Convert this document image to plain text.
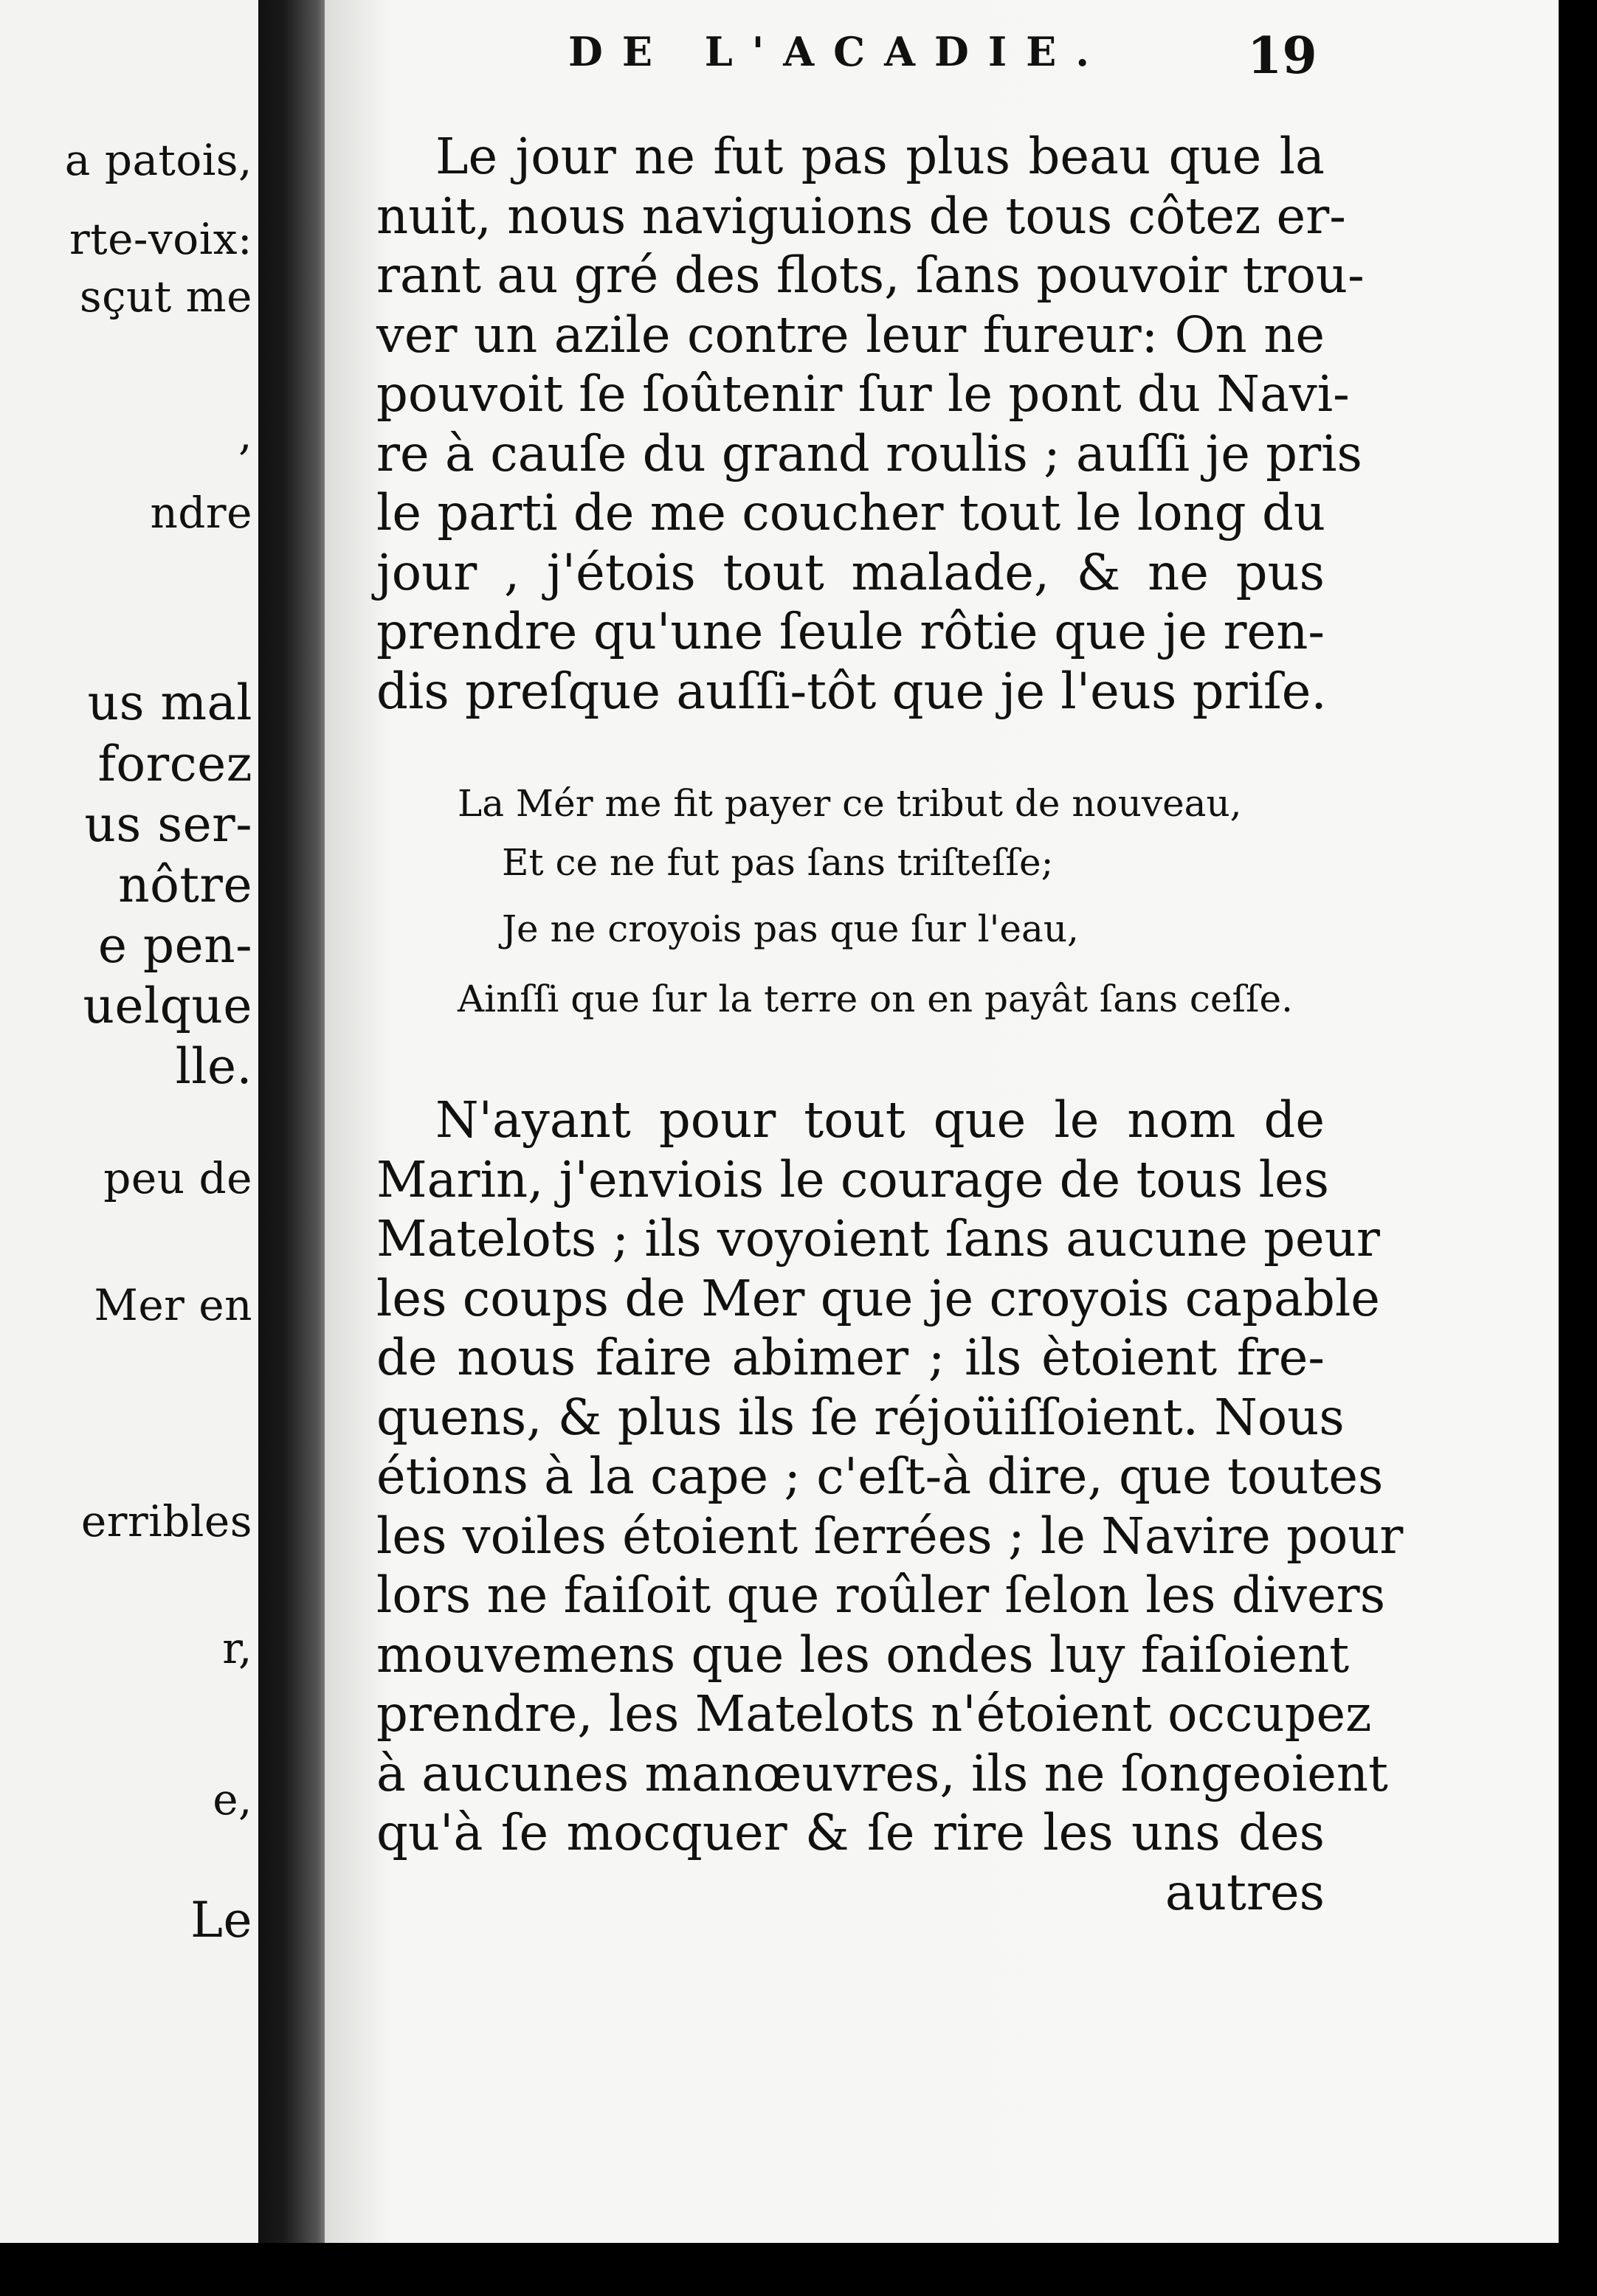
a patois,
rte-voix:
sçut me
,
ndre
us mal
forcez
us ser-
nôtre
e pen-
uelque
lle.
peu de
Mer en
erribles
r,
e,
Le
DE L'ACADIE.	19
Le jour ne fut pas plus beau que la
nuit, nous naviguions de tous côtez er-
rant au gré des flots, ſans pouvoir trou-
ver un azile contre leur fureur: On ne
pouvoit ſe ſoûtenir ſur le pont du Navi-
re à cauſe du grand roulis ; auſſi je pris
le parti de me coucher tout le long du
jour , j'étois tout malade, & ne pus
prendre qu'une ſeule rôtie que je ren-
dis preſque auſſi-tôt que je l'eus priſe.
La Mér me fit payer ce tribut de nouveau,
Et ce ne fut pas ſans triſteſſe;
Je ne croyois pas que ſur l'eau,
Ainſſi que ſur la terre on en payât ſans ceſſe.
N'ayant pour tout que le nom de
Marin, j'enviois le courage de tous les
Matelots ; ils voyoient ſans aucune peur
les coups de Mer que je croyois capable
de nous faire abimer ; ils ètoient fre-
quens, & plus ils ſe réjoüiſſoient. Nous
étions à la cape ; c'eſt-à dire, que toutes
les voiles étoient ſerrées ; le Navire pour
lors ne faiſoit que roûler ſelon les divers
mouvemens que les ondes luy faiſoient
prendre, les Matelots n'étoient occupez
à aucunes manœuvres, ils ne ſongeoient
qu'à ſe mocquer & ſe rire les uns des
autres
